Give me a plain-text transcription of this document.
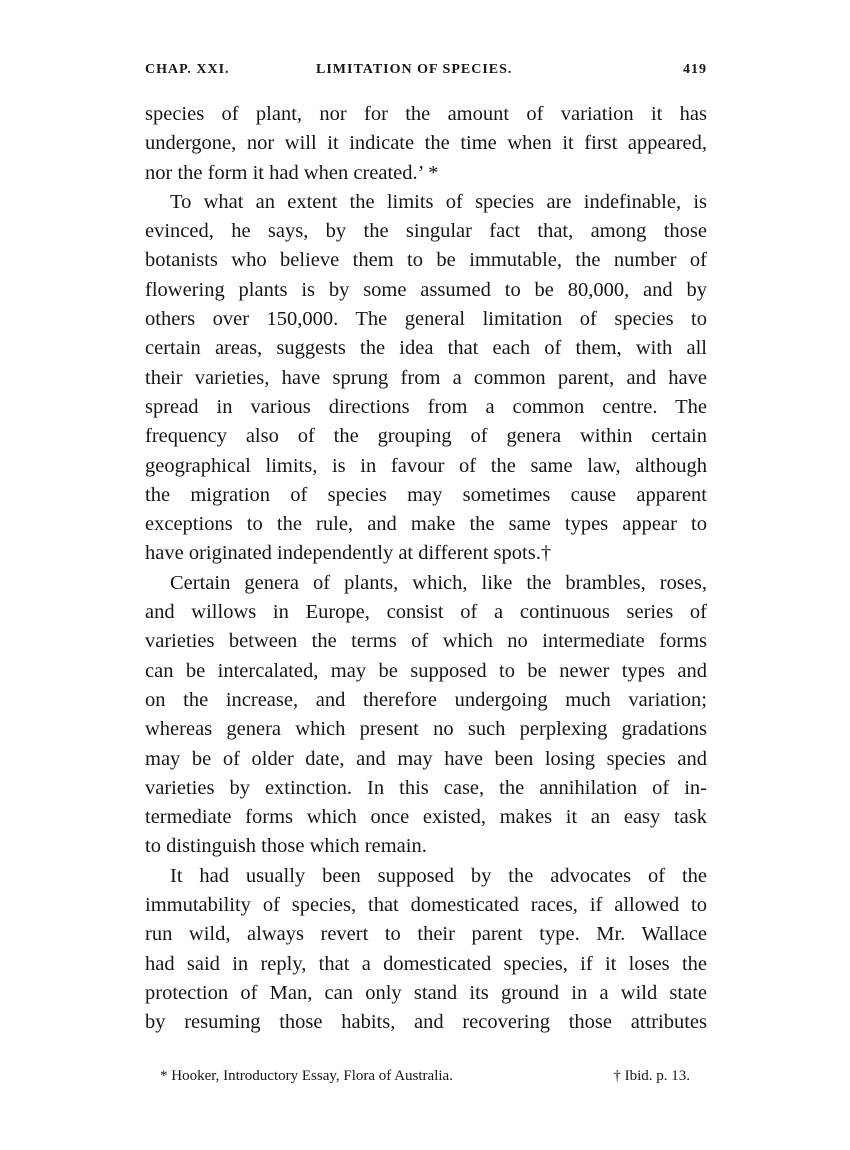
CHAP. XXI.	LIMITATION OF SPECIES.	419
species of plant, nor for the amount of variation it has
undergone, nor will it indicate the time when it first appeared,
nor the form it had when created.’ *
To what an extent the limits of species are indefinable, is
evinced, he says, by the singular fact that, among those
botanists who believe them to be immutable, the number of
flowering plants is by some assumed to be 80,000, and by
others over 150,000. The general limitation of species to
certain areas, suggests the idea that each of them, with all
their varieties, have sprung from a common parent, and have
spread in various directions from a common centre. The
frequency also of the grouping of genera within certain
geographical limits, is in favour of the same law, although
the migration of species may sometimes cause apparent
exceptions to the rule, and make the same types appear to
have originated independently at different spots.†
Certain genera of plants, which, like the brambles, roses,
and willows in Europe, consist of a continuous series of
varieties between the terms of which no intermediate forms
can be intercalated, may be supposed to be newer types and
on the increase, and therefore undergoing much variation;
whereas genera which present no such perplexing gradations
may be of older date, and may have been losing species and
varieties by extinction. In this case, the annihilation of in-
termediate forms which once existed, makes it an easy task
to distinguish those which remain.
It had usually been supposed by the advocates of the
immutability of species, that domesticated races, if allowed to
run wild, always revert to their parent type. Mr. Wallace
had said in reply, that a domesticated species, if it loses the
protection of Man, can only stand its ground in a wild state
by resuming those habits, and recovering those attributes
* Hooker, Introductory Essay, Flora of Australia.	† Ibid. p. 13.
